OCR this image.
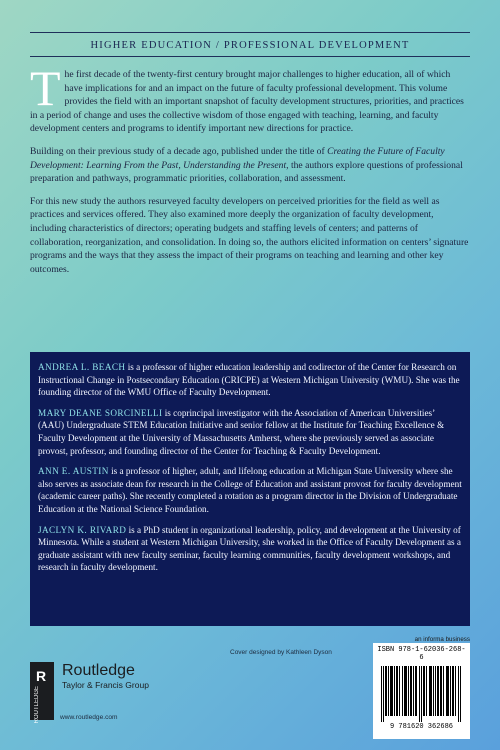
HIGHER EDUCATION / PROFESSIONAL DEVELOPMENT

The first decade of the twenty-first century brought major challenges to higher education, all of which have implications for and an impact on the future of faculty professional development. This volume provides the field with an important snapshot of faculty development structures, priorities, and practices in a period of change and uses the collective wisdom of those engaged with teaching, learning, and faculty development centers and programs to identify important new directions for practice.

Building on their previous study of a decade ago, published under the title of Creating the Future of Faculty Development: Learning From the Past, Understanding the Present, the authors explore questions of professional preparation and pathways, programmatic priorities, collaboration, and assessment.

For this new study the authors resurveyed faculty developers on perceived priorities for the field as well as practices and services offered. They also examined more deeply the organization of faculty development, including characteristics of directors; operating budgets and staffing levels of centers; and patterns of collaboration, reorganization, and consolidation. In doing so, the authors elicited information on centers’ signature programs and the ways that they assess the impact of their programs on teaching and learning and other key outcomes.

ANDREA L. BEACH is a professor of higher education leadership and codirector of the Center for Research on Instructional Change in Postsecondary Education (CRICPE) at Western Michigan University (WMU). She was the founding director of the WMU Office of Faculty Development.

MARY DEANE SORCINELLI is coprincipal investigator with the Association of American Universities’ (AAU) Undergraduate STEM Education Initiative and senior fellow at the Institute for Teaching Excellence & Faculty Development at the University of Massachusetts Amherst, where she previously served as associate provost, professor, and founding director of the Center for Teaching & Faculty Development.

ANN E. AUSTIN is a professor of higher, adult, and lifelong education at Michigan State University where she also serves as associate dean for research in the College of Education and assistant provost for faculty development (academic career paths). She recently completed a rotation as a program director in the Division of Undergraduate Education at the National Science Foundation.

JACLYN K. RIVARD is a PhD student in organizational leadership, policy, and development at the University of Minnesota. While a student at Western Michigan University, she worked in the Office of Faculty Development as a graduate assistant with new faculty seminar, faculty learning communities, faculty development workshops, and research in faculty development.

Cover designed by Kathleen Dyson
R
ROUTLEDGE
Routledge
Taylor & Francis Group
www.routledge.com
an informa business
ISBN 978-1-62036-268-6
9 781620 362686
